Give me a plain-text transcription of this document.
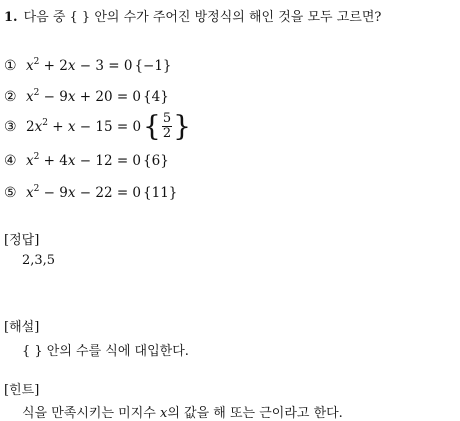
1. 다음 중 { } 안의 수가 주어진 방정식의 해인 것을 모두 고르면?
① $x^2 + 2x - 3 = 0$ {−1}
② $x^2 - 9x + 20 = 0$ {4}
③ $2x^2 + x - 15 = 0$ { $\frac{5}{2}$ }
④ $x^2 + 4x - 12 = 0$ {6}
⑤ $x^2 - 9x - 22 = 0$ {11}
[정답]
2,3,5
[해설]
{ } 안의 수를 식에 대입한다.
[힌트]
식을 만족시키는 미지수 x의 값을 해 또는 근이라고 한다.
